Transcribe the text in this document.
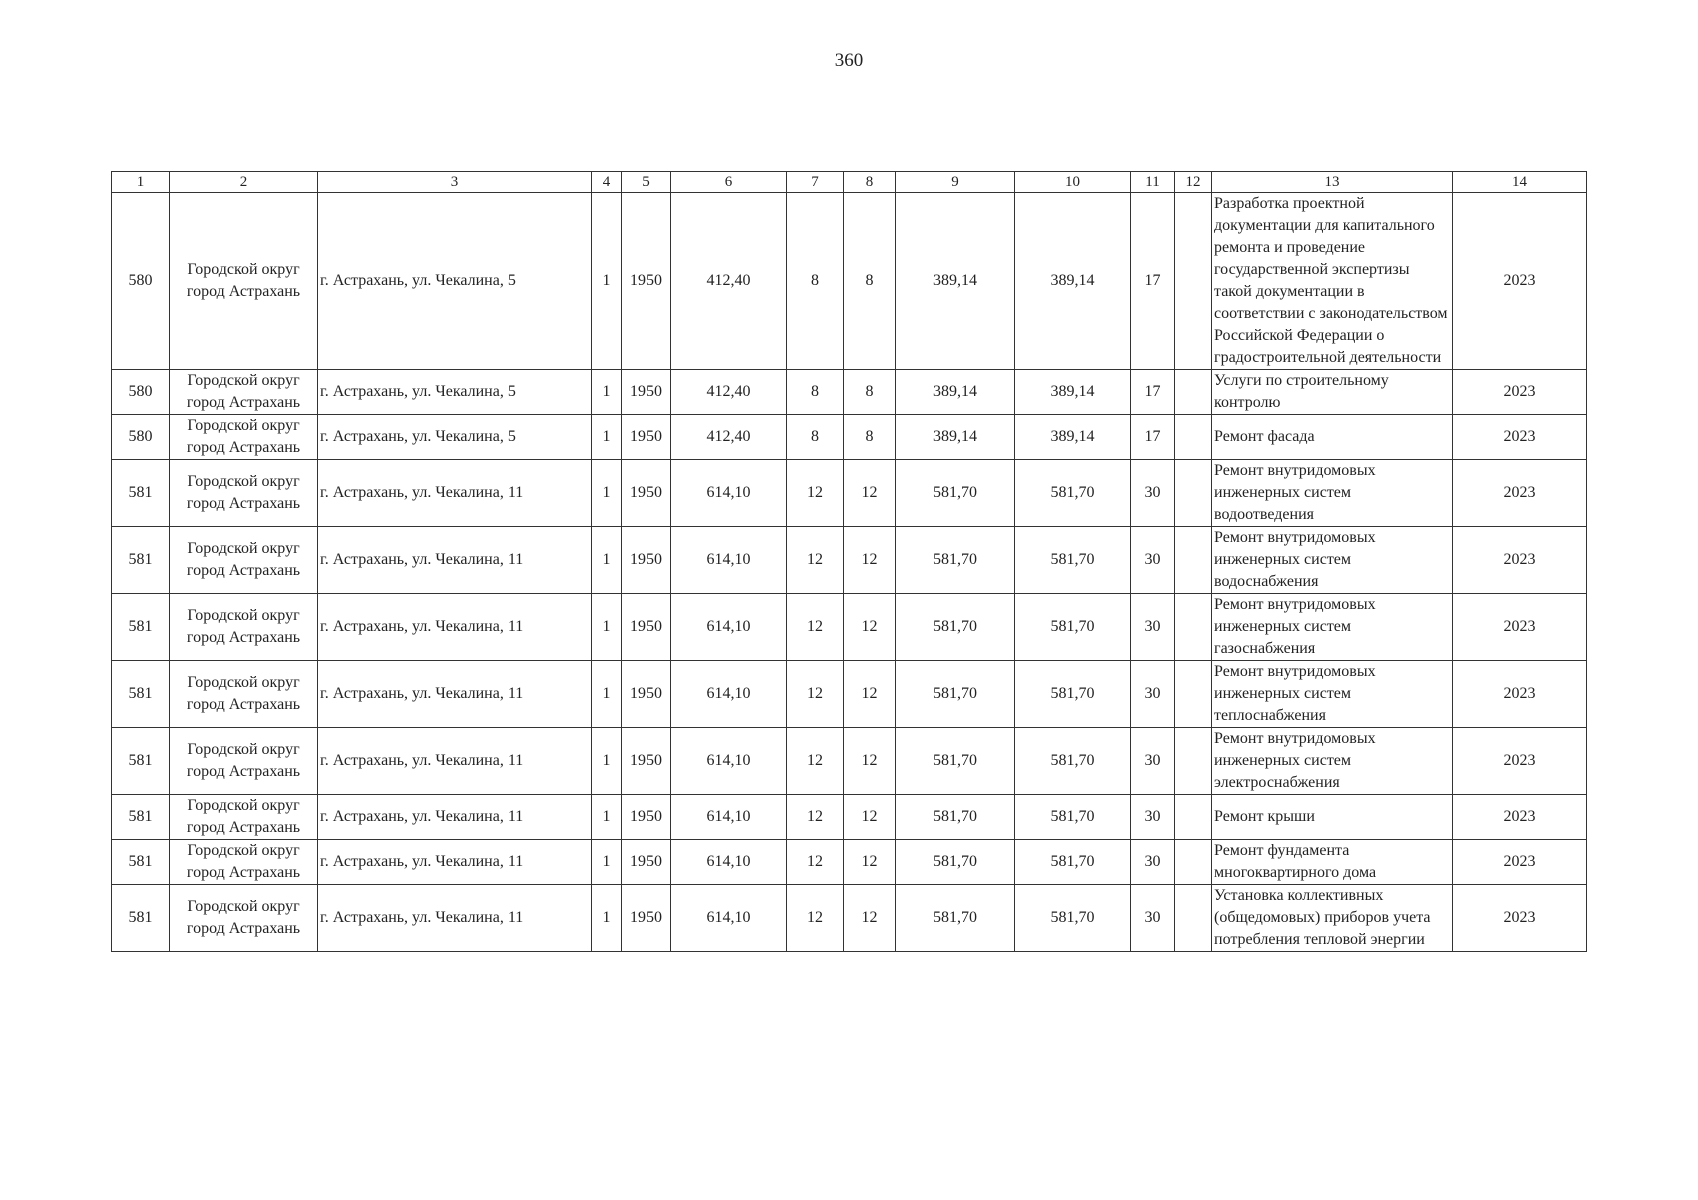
360
1	2	3	4	5	6	7	8	9	10	11	12	13	14
580	Городской округ город Астрахань	г. Астрахань, ул. Чекалина, 5	1	1950	412,40	8	8	389,14	389,14	17		Разработка проектной документации для капитального ремонта и проведение государственной экспертизы такой документации в соответствии с законодательством Российской Федерации о градостроительной деятельности	2023
580	Городской округ город Астрахань	г. Астрахань, ул. Чекалина, 5	1	1950	412,40	8	8	389,14	389,14	17		Услуги по строительному контролю	2023
580	Городской округ город Астрахань	г. Астрахань, ул. Чекалина, 5	1	1950	412,40	8	8	389,14	389,14	17		Ремонт фасада	2023
581	Городской округ город Астрахань	г. Астрахань, ул. Чекалина, 11	1	1950	614,10	12	12	581,70	581,70	30		Ремонт внутридомовых инженерных систем водоотведения	2023
581	Городской округ город Астрахань	г. Астрахань, ул. Чекалина, 11	1	1950	614,10	12	12	581,70	581,70	30		Ремонт внутридомовых инженерных систем водоснабжения	2023
581	Городской округ город Астрахань	г. Астрахань, ул. Чекалина, 11	1	1950	614,10	12	12	581,70	581,70	30		Ремонт внутридомовых инженерных систем газоснабжения	2023
581	Городской округ город Астрахань	г. Астрахань, ул. Чекалина, 11	1	1950	614,10	12	12	581,70	581,70	30		Ремонт внутридомовых инженерных систем теплоснабжения	2023
581	Городской округ город Астрахань	г. Астрахань, ул. Чекалина, 11	1	1950	614,10	12	12	581,70	581,70	30		Ремонт внутридомовых инженерных систем электроснабжения	2023
581	Городской округ город Астрахань	г. Астрахань, ул. Чекалина, 11	1	1950	614,10	12	12	581,70	581,70	30		Ремонт крыши	2023
581	Городской округ город Астрахань	г. Астрахань, ул. Чекалина, 11	1	1950	614,10	12	12	581,70	581,70	30		Ремонт фундамента многоквартирного дома	2023
581	Городской округ город Астрахань	г. Астрахань, ул. Чекалина, 11	1	1950	614,10	12	12	581,70	581,70	30		Установка коллективных (общедомовых) приборов учета потребления тепловой энергии	2023
